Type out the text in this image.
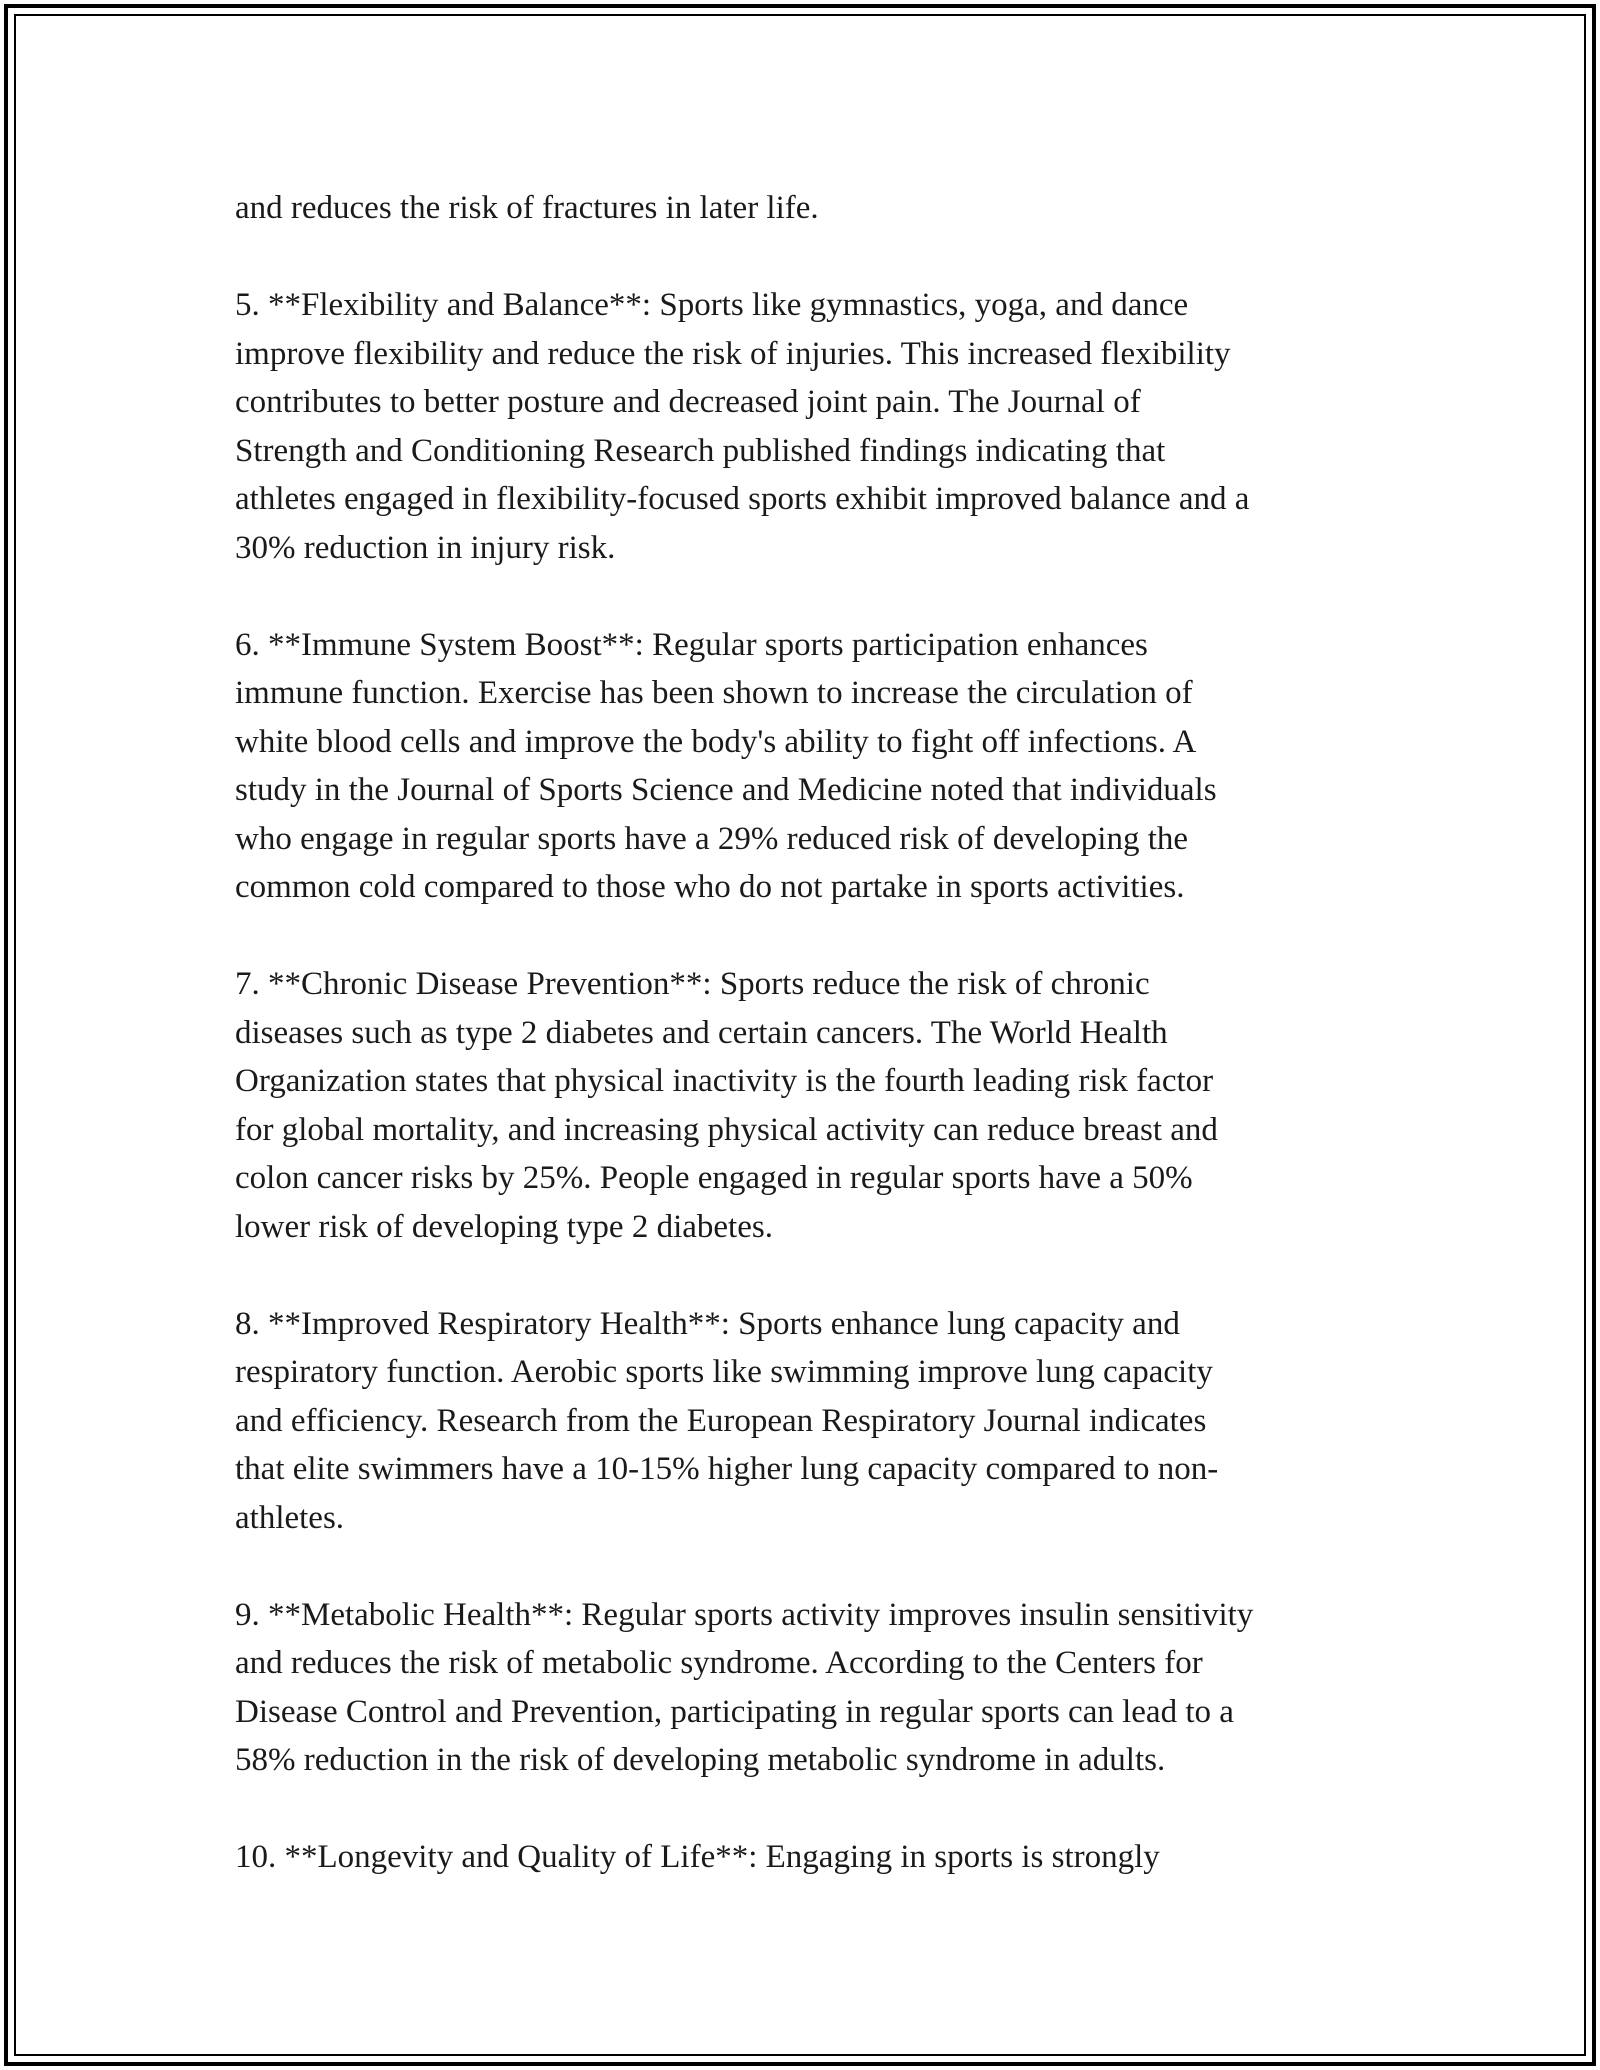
and reduces the risk of fractures in later life.

5. **Flexibility and Balance**: Sports like gymnastics, yoga, and dance
improve flexibility and reduce the risk of injuries. This increased flexibility
contributes to better posture and decreased joint pain. The Journal of
Strength and Conditioning Research published findings indicating that
athletes engaged in flexibility-focused sports exhibit improved balance and a
30% reduction in injury risk.

6. **Immune System Boost**: Regular sports participation enhances
immune function. Exercise has been shown to increase the circulation of
white blood cells and improve the body's ability to fight off infections. A
study in the Journal of Sports Science and Medicine noted that individuals
who engage in regular sports have a 29% reduced risk of developing the
common cold compared to those who do not partake in sports activities.

7. **Chronic Disease Prevention**: Sports reduce the risk of chronic
diseases such as type 2 diabetes and certain cancers. The World Health
Organization states that physical inactivity is the fourth leading risk factor
for global mortality, and increasing physical activity can reduce breast and
colon cancer risks by 25%. People engaged in regular sports have a 50%
lower risk of developing type 2 diabetes.

8. **Improved Respiratory Health**: Sports enhance lung capacity and
respiratory function. Aerobic sports like swimming improve lung capacity
and efficiency. Research from the European Respiratory Journal indicates
that elite swimmers have a 10-15% higher lung capacity compared to non-
athletes.

9. **Metabolic Health**: Regular sports activity improves insulin sensitivity
and reduces the risk of metabolic syndrome. According to the Centers for
Disease Control and Prevention, participating in regular sports can lead to a
58% reduction in the risk of developing metabolic syndrome in adults.

10. **Longevity and Quality of Life**: Engaging in sports is strongly
